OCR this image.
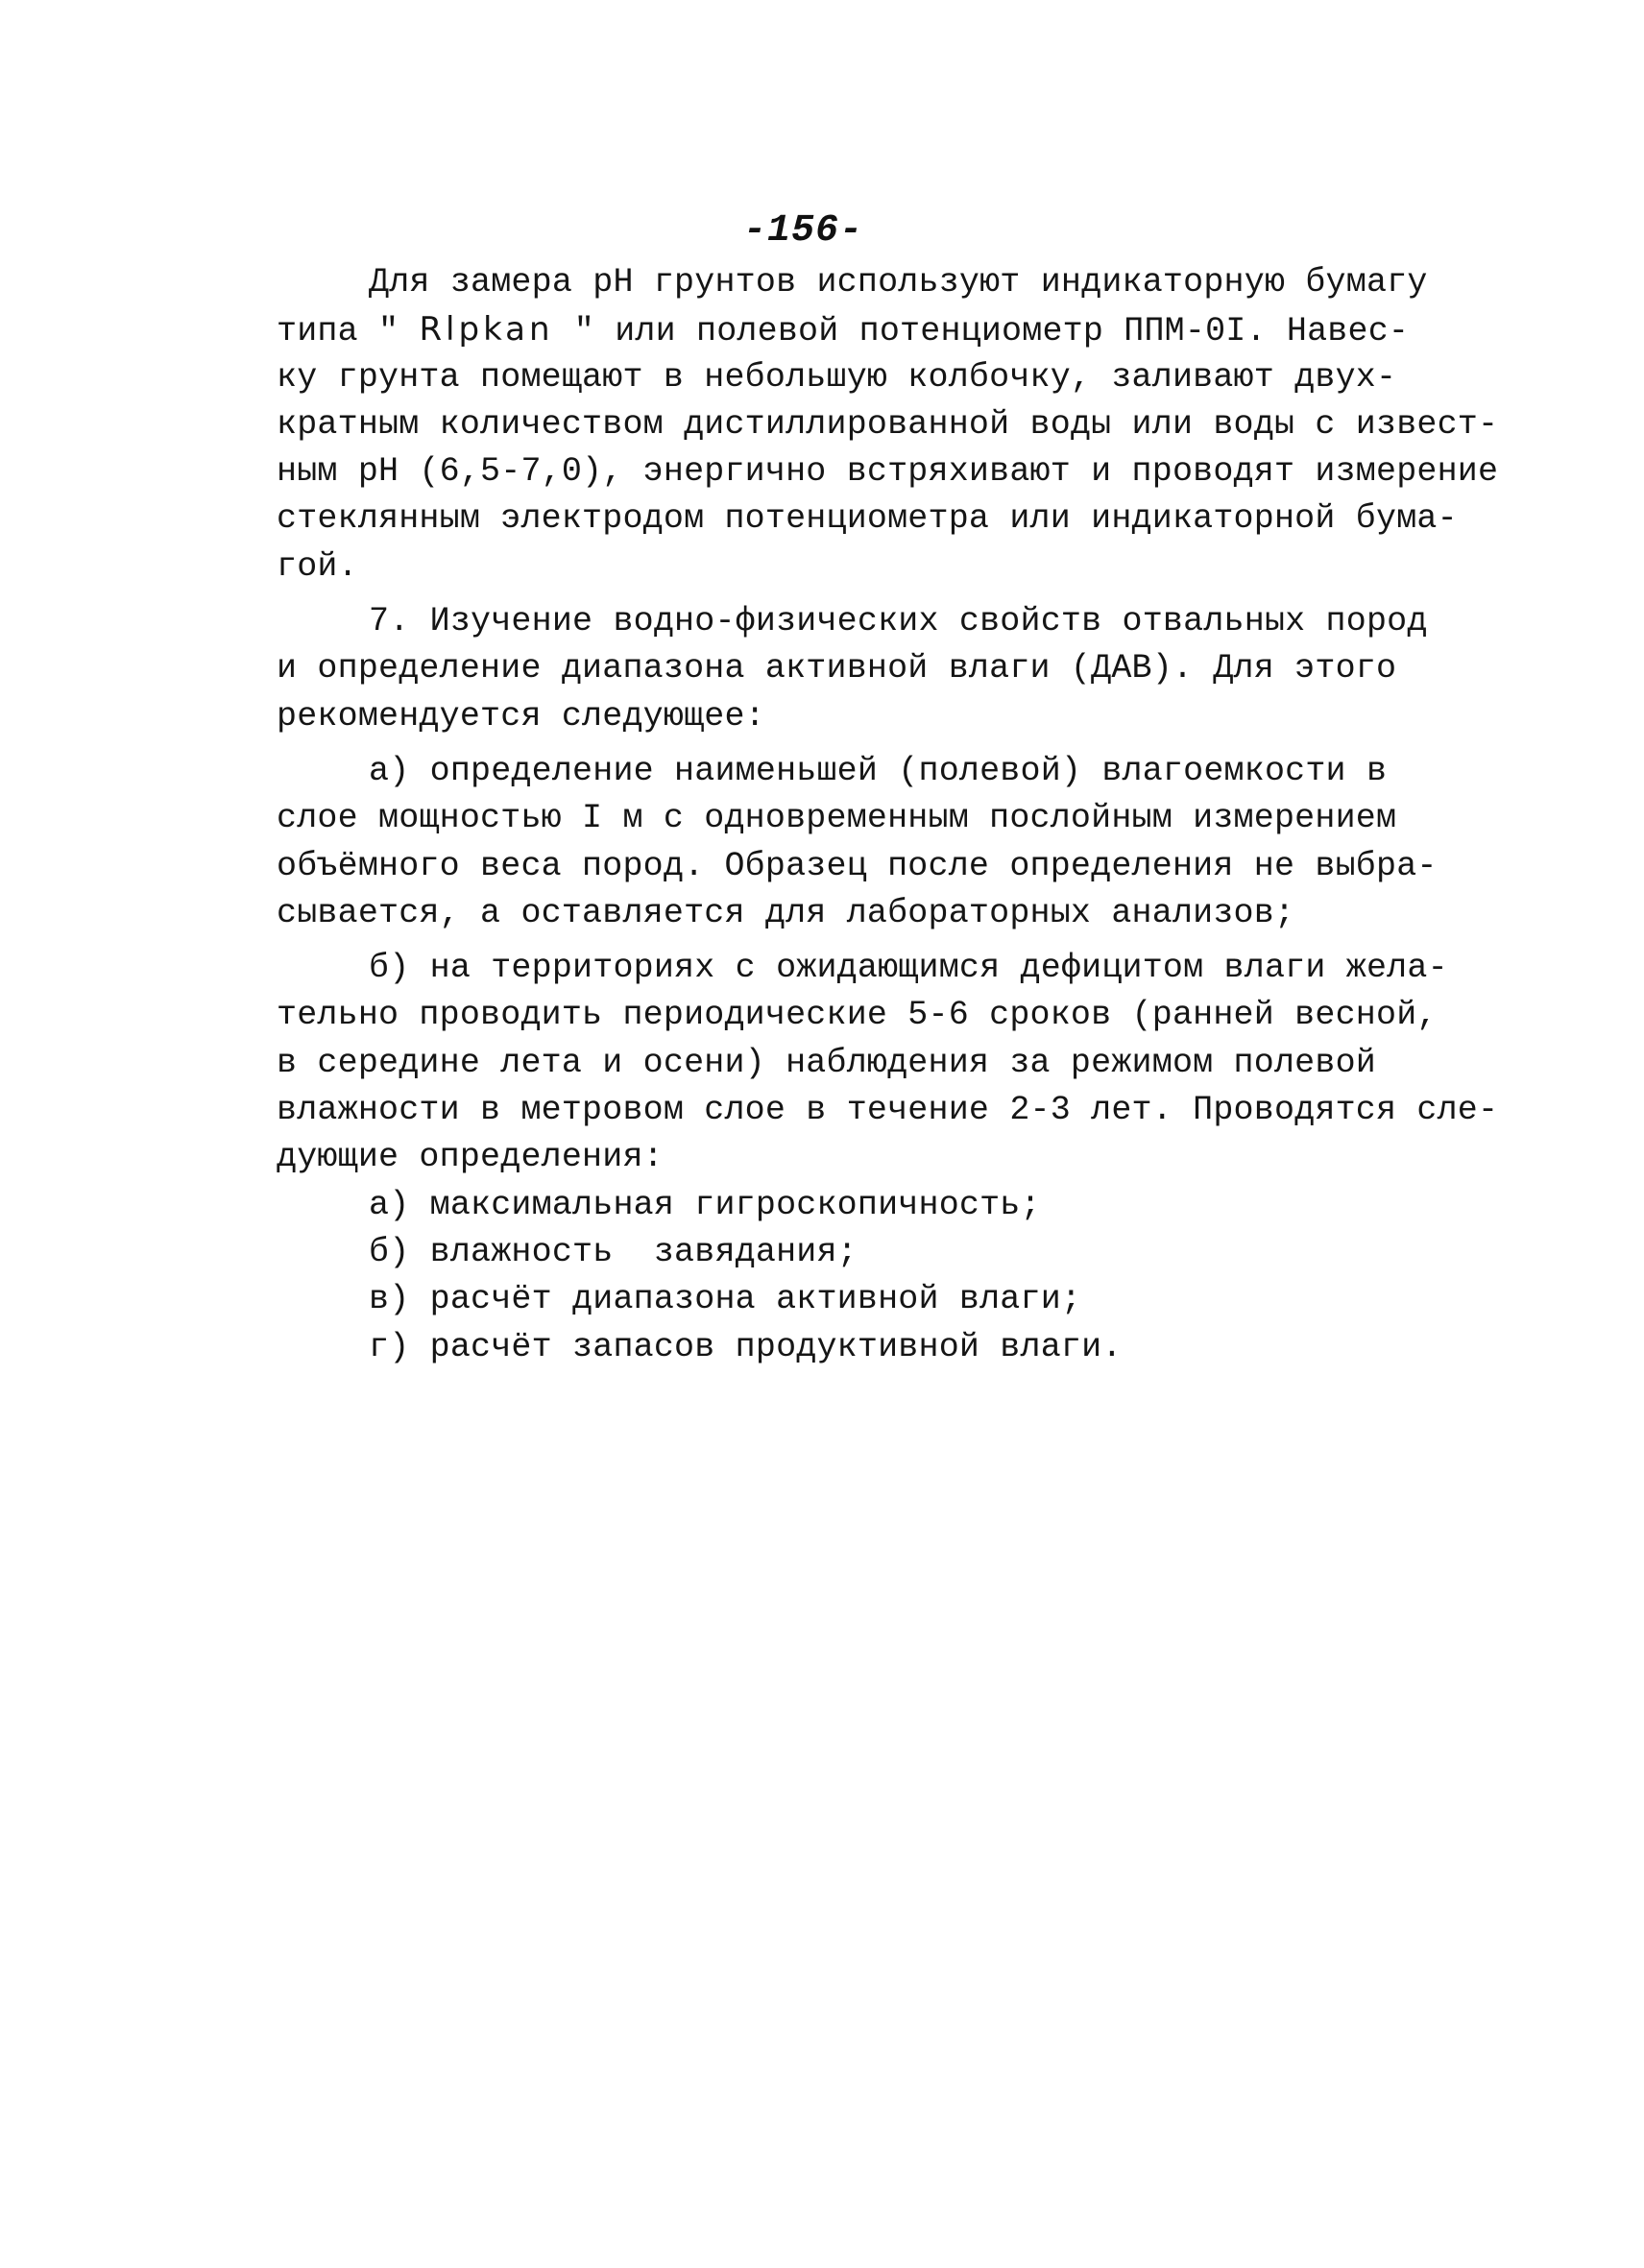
-156-
Для замера pH грунтов используют индикаторную бумагу
типа " Rlpkan " или полевой потенциометр ППМ-0I. Навес-
ку грунта помещают в небольшую колбочку, заливают двух-
кратным количеством дистиллированной воды или воды с извест-
ным pH (6,5-7,0), энергично встряхивают и проводят измерение
стеклянным электродом потенциометра или индикаторной бума-
гой.
7. Изучение водно-физических свойств отвальных пород
и определение диапазона активной влаги (ДАВ). Для этого
рекомендуется следующее:
а) определение наименьшей (полевой) влагоемкости в
слое мощностью I м с одновременным послойным измерением
объёмного веса пород. Образец после определения не выбра-
сывается, а оставляется для лабораторных анализов;
б) на территориях с ожидающимся дефицитом влаги жела-
тельно проводить периодические 5-6 сроков (ранней весной,
в середине лета и осени) наблюдения за режимом полевой
влажности в метровом слое в течение 2-3 лет. Проводятся сле-
дующие определения:
а) максимальная гигроскопичность;
б) влажность  завядания;
в) расчёт диапазона активной влаги;
г) расчёт запасов продуктивной влаги.
